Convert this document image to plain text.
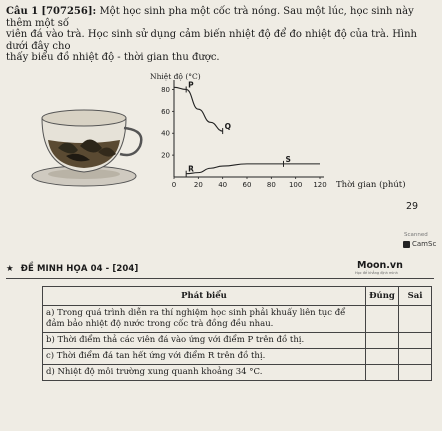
Câu 1 [707256]: Một học sinh pha một cốc trà nóng. Sau một lúc, học sinh này thêm một số
viên đá vào trà. Học sinh sử dụng cảm biến nhiệt độ để đo nhiệt độ của trà. Hình dưới đây cho
thấy biểu đồ nhiệt độ - thời gian thu được.
Nhiệt độ (°C)
0	20 40 60 80 100 120
20
40
60
80
P
Q
R
S
Thời gian (phút)
29
Scanned
CamSc
★ ĐỀ MINH HỌA 04 - [204]	Moon.vn
Học để khẳng định mình
Phát biểu	Đúng	Sai
a) Trong quá trình diễn ra thí nghiệm học sinh phải khuấy liên tục để đảm bảo nhiệt độ nước trong cốc trà đồng đều nhau.		
b) Thời điểm thả các viên đá vào ứng với điểm P trên đồ thị.		
c) Thời điểm đá tan hết ứng với điểm R trên đồ thị.		
d) Nhiệt độ môi trường xung quanh khoảng 34 °C.		
